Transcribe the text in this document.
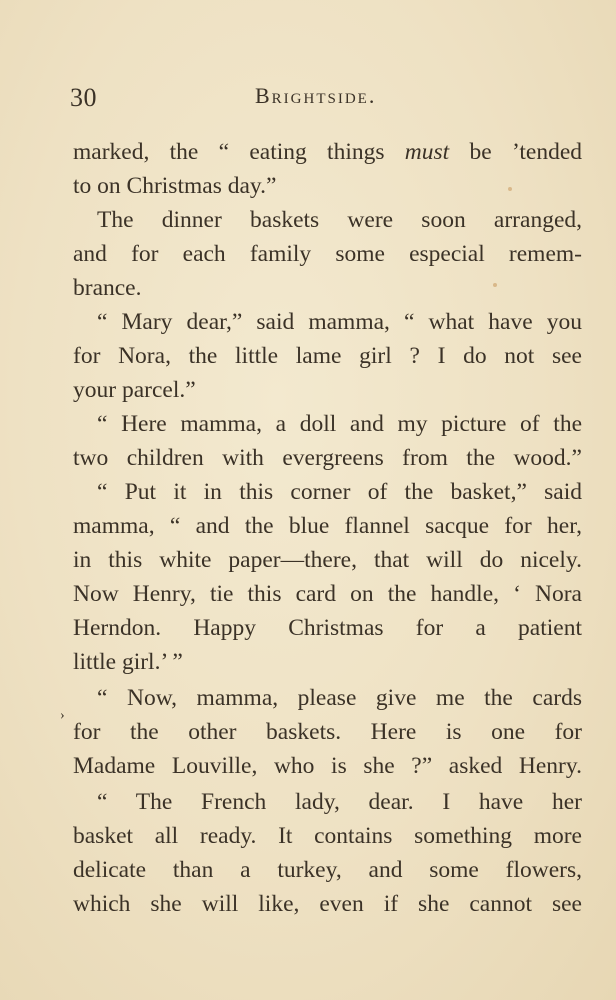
30	Brightside.
marked, the “ eating things must be ’tended
to on Christmas day.”
The dinner baskets were soon arranged,
and for each family some especial remem-
brance.
“ Mary dear,” said mamma, “ what have you
for Nora, the little lame girl ? I do not see
your parcel.”
“ Here mamma, a doll and my picture of the
two children with evergreens from the wood.”
“ Put it in this corner of the basket,” said
mamma, “ and the blue flannel sacque for her,
in this white paper—there, that will do nicely.
Now Henry, tie this card on the handle, ‘ Nora
Herndon. Happy Christmas for a patient
little girl.’ ”
“ Now, mamma, please give me the cards
for the other baskets. Here is one for
Madame Louville, who is she ?” asked Henry.
“ The French lady, dear. I have her
basket all ready. It contains something more
delicate than a turkey, and some flowers,
which she will like, even if she cannot see
›
